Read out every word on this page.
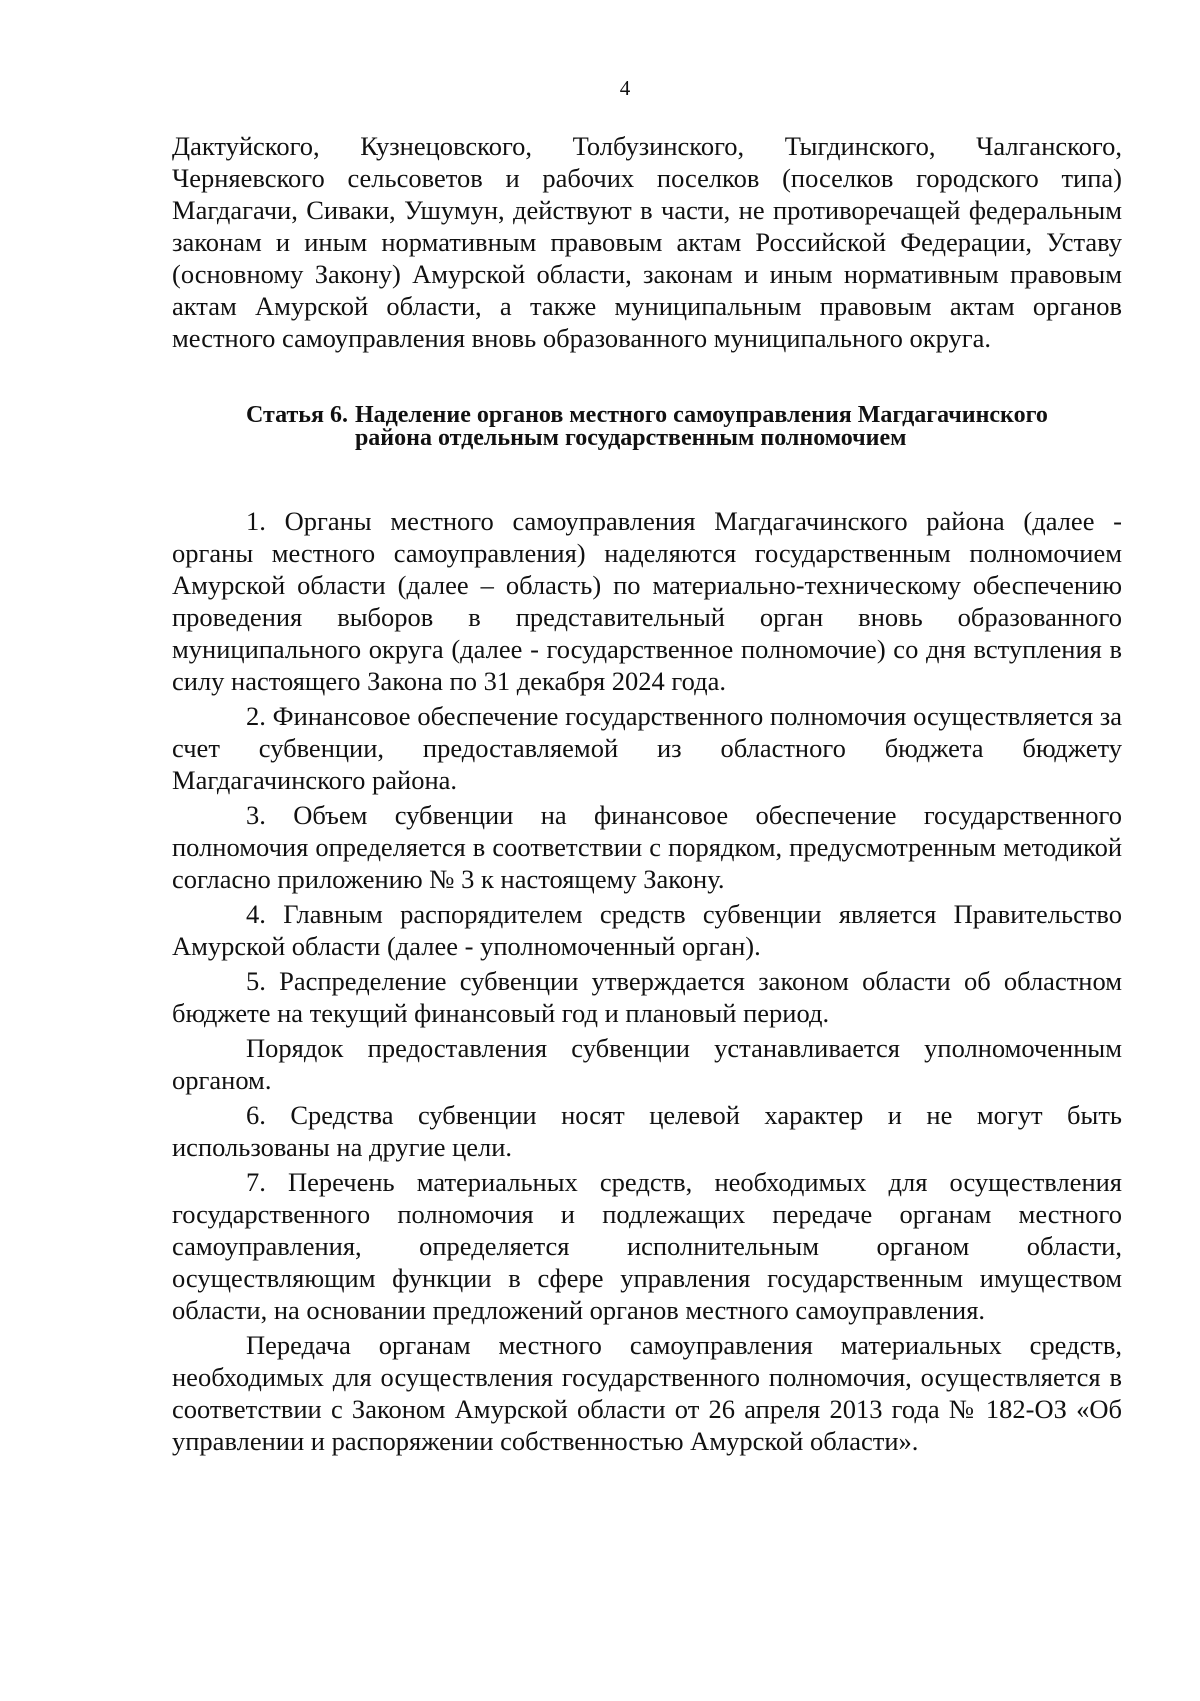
4

Дактуйского, Кузнецовского, Толбузинского, Тыгдинского, Чалганского, Черняевского сельсоветов и рабочих поселков (поселков городского типа) Магдагачи, Сиваки, Ушумун, действуют в части, не противоречащей федеральным законам и иным нормативным правовым актам Российской Федерации, Уставу (основному Закону) Амурской области, законам и иным нормативным правовым актам Амурской области, а также муниципальным правовым актам органов местного самоуправления вновь образованного муниципального округа.

Статья 6. Наделение органов местного самоуправления Магдагачинского района отдельным государственным полномочием

1. Органы местного самоуправления Магдагачинского района (далее - органы местного самоуправления) наделяются государственным полномочием Амурской области (далее – область) по материально-техническому обеспечению проведения выборов в представительный орган вновь образованного муниципального округа (далее - государственное полномочие) со дня вступления в силу настоящего Закона по 31 декабря 2024 года.

2. Финансовое обеспечение государственного полномочия осуществляется за счет субвенции, предоставляемой из областного бюджета бюджету Магдагачинского района.

3. Объем субвенции на финансовое обеспечение государственного полномочия определяется в соответствии с порядком, предусмотренным методикой согласно приложению № 3 к настоящему Закону.

4. Главным распорядителем средств субвенции является Правительство Амурской области (далее - уполномоченный орган).

5. Распределение субвенции утверждается законом области об областном бюджете на текущий финансовый год и плановый период.

Порядок предоставления субвенции устанавливается уполномоченным органом.

6. Средства субвенции носят целевой характер и не могут быть использованы на другие цели.

7. Перечень материальных средств, необходимых для осуществления государственного полномочия и подлежащих передаче органам местного самоуправления, определяется исполнительным органом области, осуществляющим функции в сфере управления государственным имуществом области, на основании предложений органов местного самоуправления.

Передача органам местного самоуправления материальных средств, необходимых для осуществления государственного полномочия, осуществляется в соответствии с Законом Амурской области от 26 апреля 2013 года № 182-ОЗ «Об управлении и распоряжении собственностью Амурской области».
